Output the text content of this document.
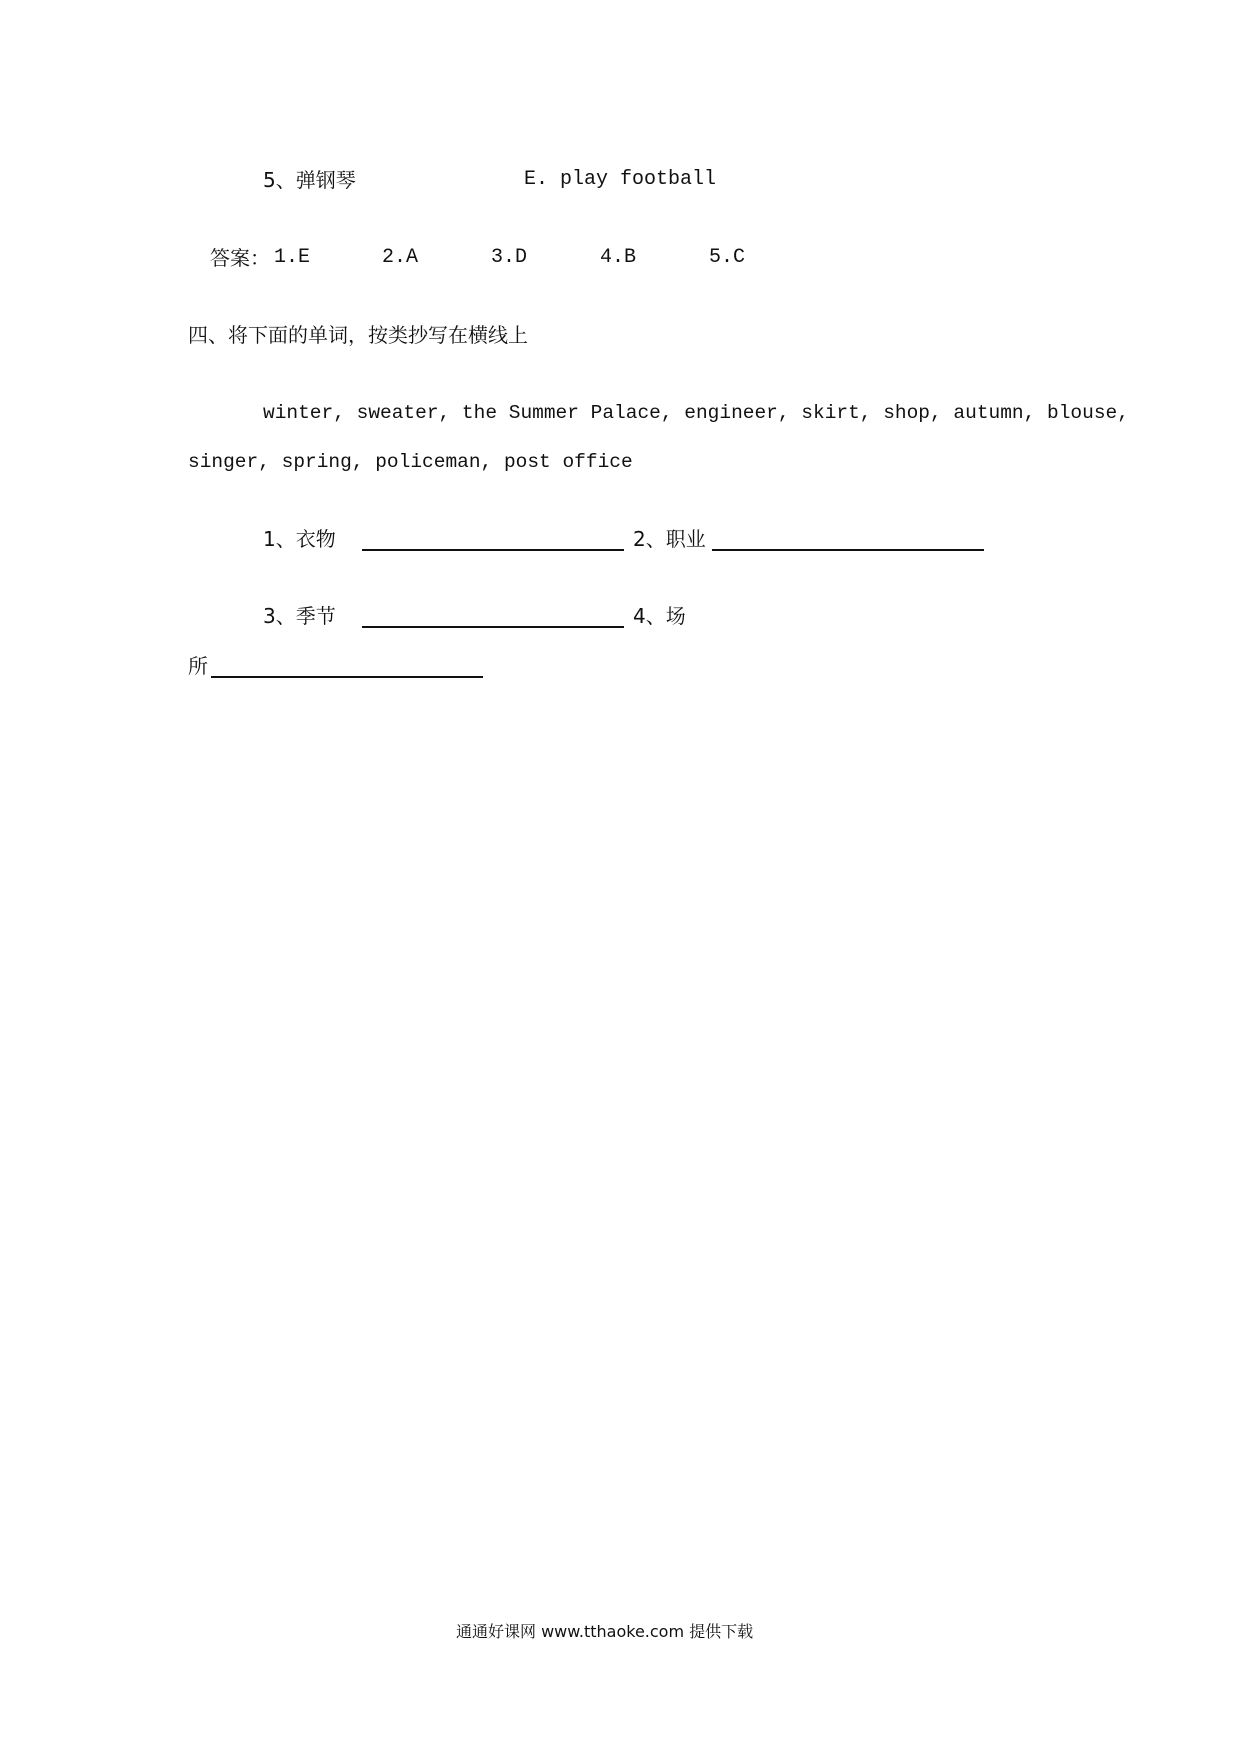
5、弹钢琴	E. play football
答案： 1.E	2.A	3.D	4.B	5.C
四、将下面的单词，按类抄写在横线上
winter, sweater, the Summer Palace, engineer, skirt, shop, autumn, blouse,
singer, spring, policeman, post office
1、衣物	2、职业
3、季节	4、场
所
通通好课网 www.tthaoke.com 提供下载
